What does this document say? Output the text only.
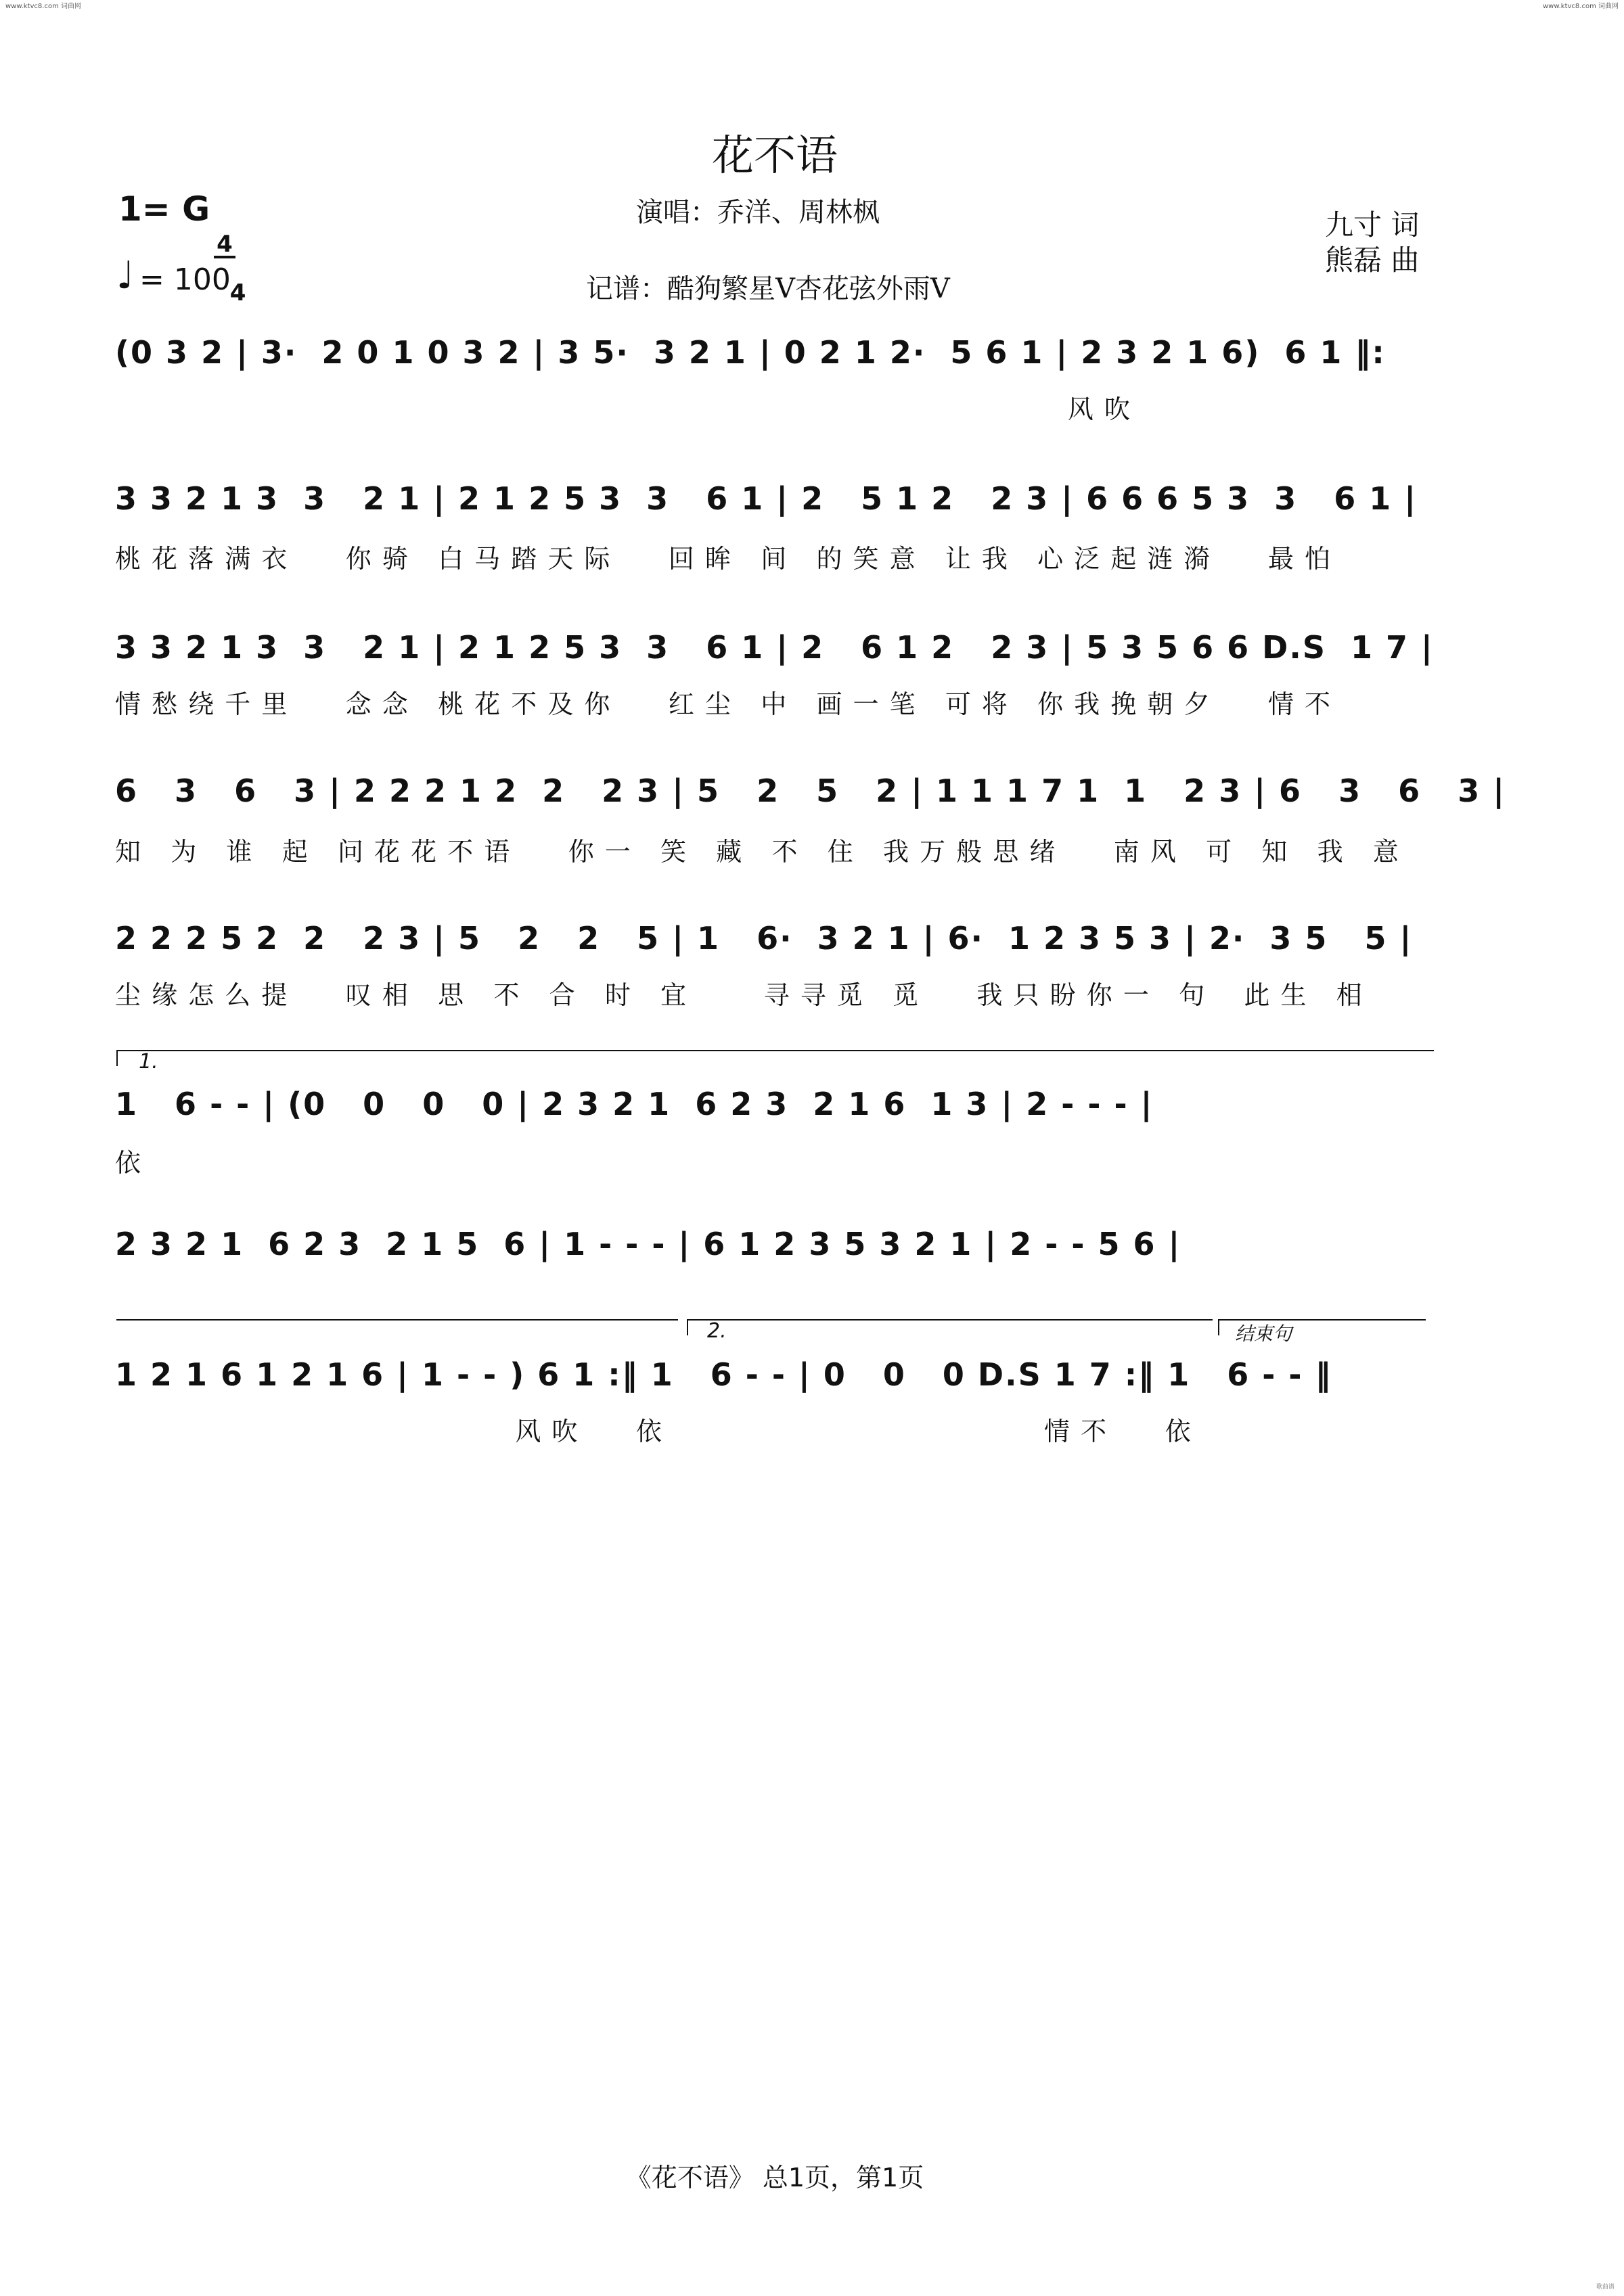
www.ktvc8.com 词曲网	www.ktvc8.com 词曲网
花不语
1= G

4

4

♩ = 100
演唱：乔洋、周林枫
记谱：酷狗繁星V杏花弦外雨V
九寸 词
熊磊 曲
(0 3 2 | 3·  2 0 1 0 3 2 | 3 5·  3 2 1 | 0 2 1 2·  5 6 1 | 2 3 2 1 6)  6 1 ‖:
风 吹
3 3 2 1 3  3   2 1 | 2 1 2 5 3  3   6 1 | 2   5 1 2   2 3 | 6 6 6 5 3  3   6 1 |
桃 花 落 满 衣      你 骑   白 马 踏 天 际      回 眸   间   的 笑 意   让 我   心 泛 起 涟 漪      最 怕
3 3 2 1 3  3   2 1 | 2 1 2 5 3  3   6 1 | 2   6 1 2   2 3 | 5 3 5 6 6 D.S  1 7 |
情 愁 绕 千 里      念 念   桃 花 不 及 你      红 尘   中   画 一 笔   可 将   你 我 挽 朝 夕      情 不
6   3   6   3 | 2 2 2 1 2  2   2 3 | 5   2   5   2 | 1 1 1 7 1  1   2 3 | 6   3   6   3 |
知   为   谁   起   问 花 花 不 语      你 一   笑   藏   不   住   我 万 般 思 绪      南 风   可   知   我   意
2 2 2 5 2  2   2 3 | 5   2   2   5 | 1   6·  3 2 1 | 6·  1 2 3 5 3 | 2·  3 5   5 |
尘 缘 怎 么 提      叹 相   思   不   合   时   宜        寻 寻 觅   觅      我 只 盼 你 一   句    此 生   相
1.
1   6 - - | (0   0   0   0 | 2 3 2 1  6 2 3  2 1 6  1 3 | 2 - - - |
依
2 3 2 1  6 2 3  2 1 5  6 | 1 - - - | 6 1 2 3 5 3 2 1 | 2 - - 5 6 |
2.	结束句
1 2 1 6 1 2 1 6 | 1 - - ) 6 1 :‖ 1   6 - - | 0   0   0 D.S 1 7 :‖ 1   6 - - ‖
风 吹      依                                        情 不      依
《花不语》 总1页，第1页
歌曲谱
